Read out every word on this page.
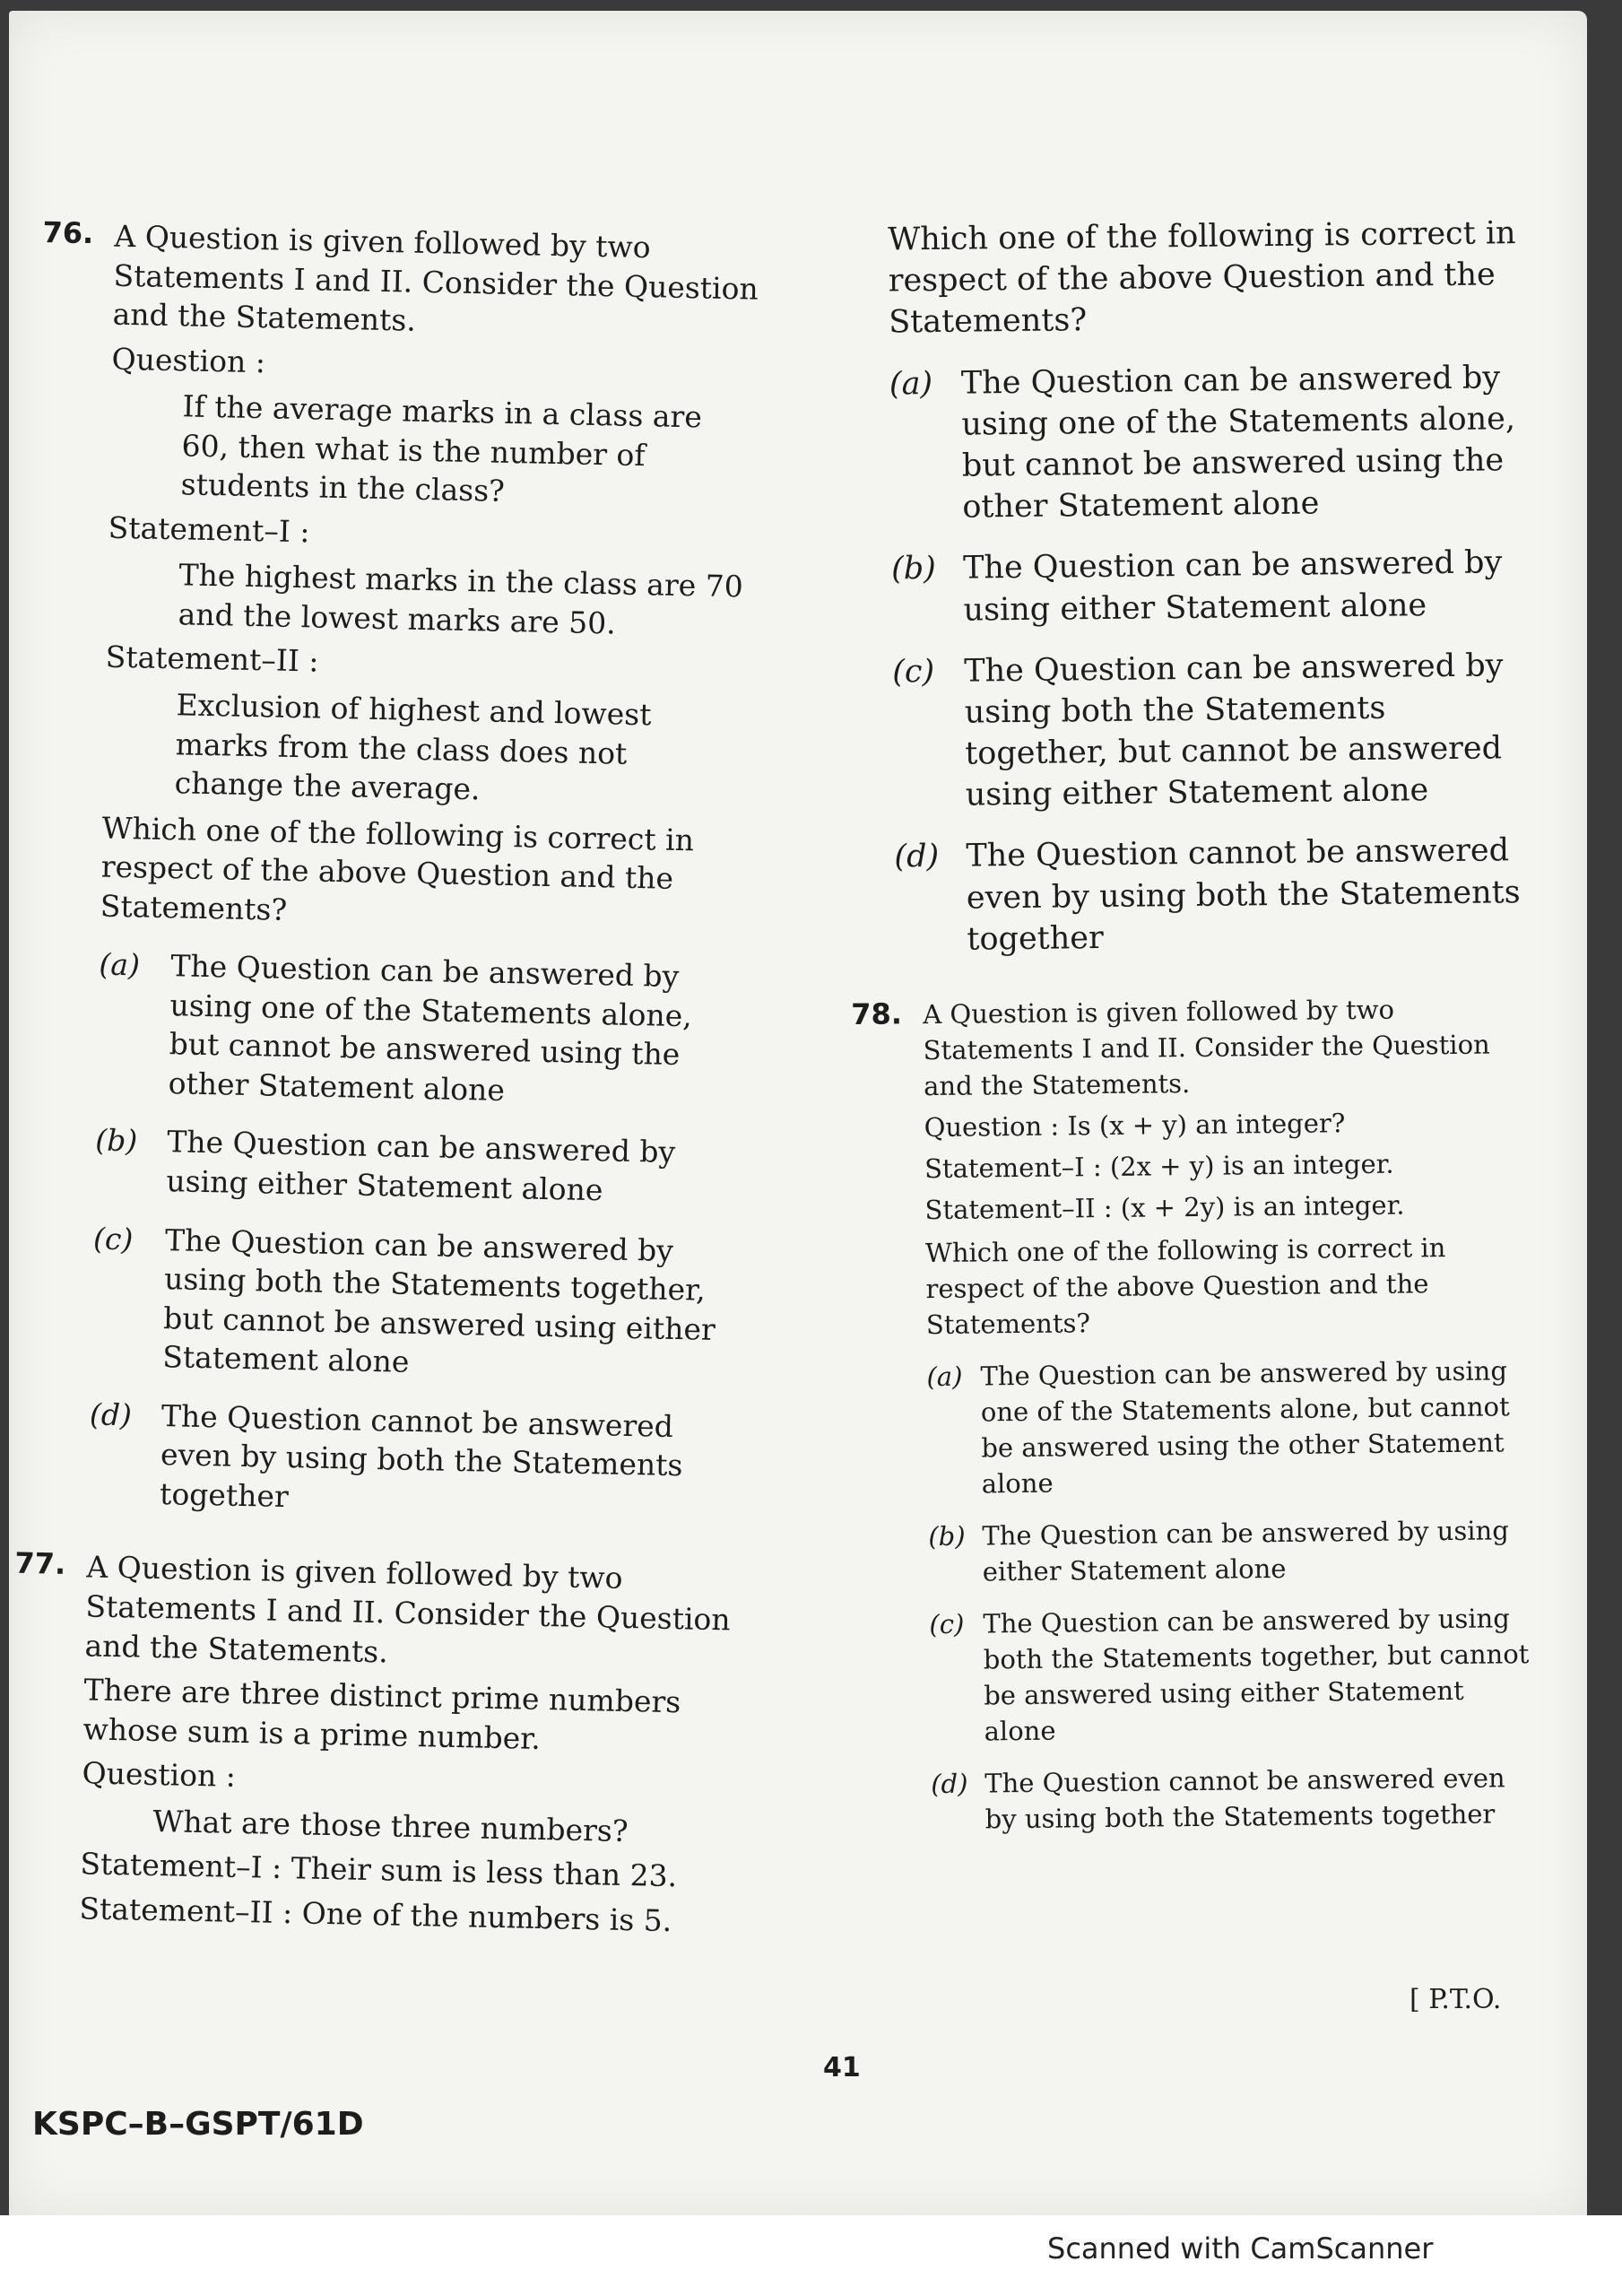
76. A Question is given followed by two Statements I and II. Consider the Question and the Statements.
Question :
If the average marks in a class are 60, then what is the number of students in the class?
Statement–I :
The highest marks in the class are 70 and the lowest marks are 50.
Statement–II :
Exclusion of highest and lowest marks from the class does not change the average.
Which one of the following is correct in respect of the above Question and the Statements?
(a)	The Question can be answered by using one of the Statements alone, but cannot be answered using the other Statement alone
(b) The Question can be answered by using either Statement alone
(c)	The Question can be answered by using both the Statements together, but cannot be answered using either Statement alone
(d) The Question cannot be answered even by using both the Statements together
77. A Question is given followed by two Statements I and II. Consider the Question and the Statements.
There are three distinct prime numbers whose sum is a prime number.
Question :
What are those three numbers?
Statement–I : Their sum is less than 23.
Statement–II : One of the numbers is 5.
Which one of the following is correct in respect of the above Question and the Statements?
(a) The Question can be answered by using one of the Statements alone, but cannot be answered using the other Statement alone
(b) The Question can be answered by using either Statement alone
(c) The Question can be answered by using both the Statements together, but cannot be answered using either Statement alone
(d) The Question cannot be answered even by using both the Statements together
78. A Question is given followed by two Statements I and II. Consider the Question and the Statements.
Question : Is (x + y) an integer?
Statement–I : (2x + y) is an integer.
Statement–II : (x + 2y) is an integer.
Which one of the following is correct in respect of the above Question and the Statements?
(a) The Question can be answered by using one of the Statements alone, but cannot be answered using the other Statement alone
(b) The Question can be answered by using either Statement alone
(c) The Question can be answered by using both the Statements together, but cannot be answered using either Statement alone
(d) The Question cannot be answered even by using both the Statements together
[ P.T.O.
41
KSPC–B–GSPT/61D
Scanned with CamScanner
